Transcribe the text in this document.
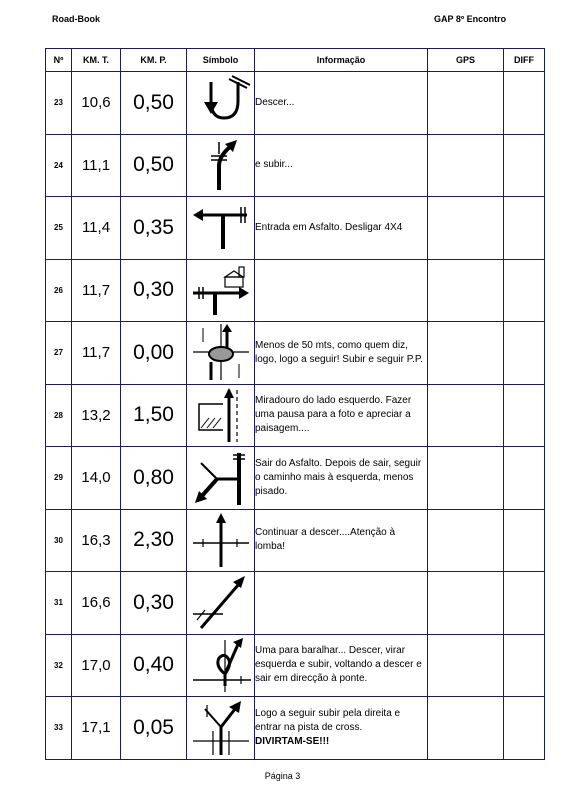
Road-Book	GAP 8º Encontro
Nº	KM. T.	KM. P.	Símbolo	Informação	GPS	DIFF
23	10,6	0,50		Descer...		
24	11,1	0,50		e subir...		
25	11,4	0,35		Entrada em Asfalto. Desligar 4X4		
26	11,7	0,30	

27	11,7	0,00		Menos de 50 mts, como quem diz, logo, logo a seguir! Subir e seguir P.P.		
28	13,2	1,50		Miradouro do lado esquerdo. Fazer uma pausa para a foto e apreciar a paisagem....		
29	14,0	0,80		Sair do Asfalto. Depois de sair, seguir o caminho mais à esquerda, menos pisado.		
30	16,3	2,30		Continuar a descer....Atenção à lomba!		
31	16,6	0,30	

32	17,0	0,40		Uma para baralhar... Descer, virar esquerda e subir, voltando a descer e sair em direcção à ponte.		
33	17,1	0,05		Logo a seguir subir pela direita e entrar na pista de cross.
DIVIRTAM-SE!!!		
Página 3
